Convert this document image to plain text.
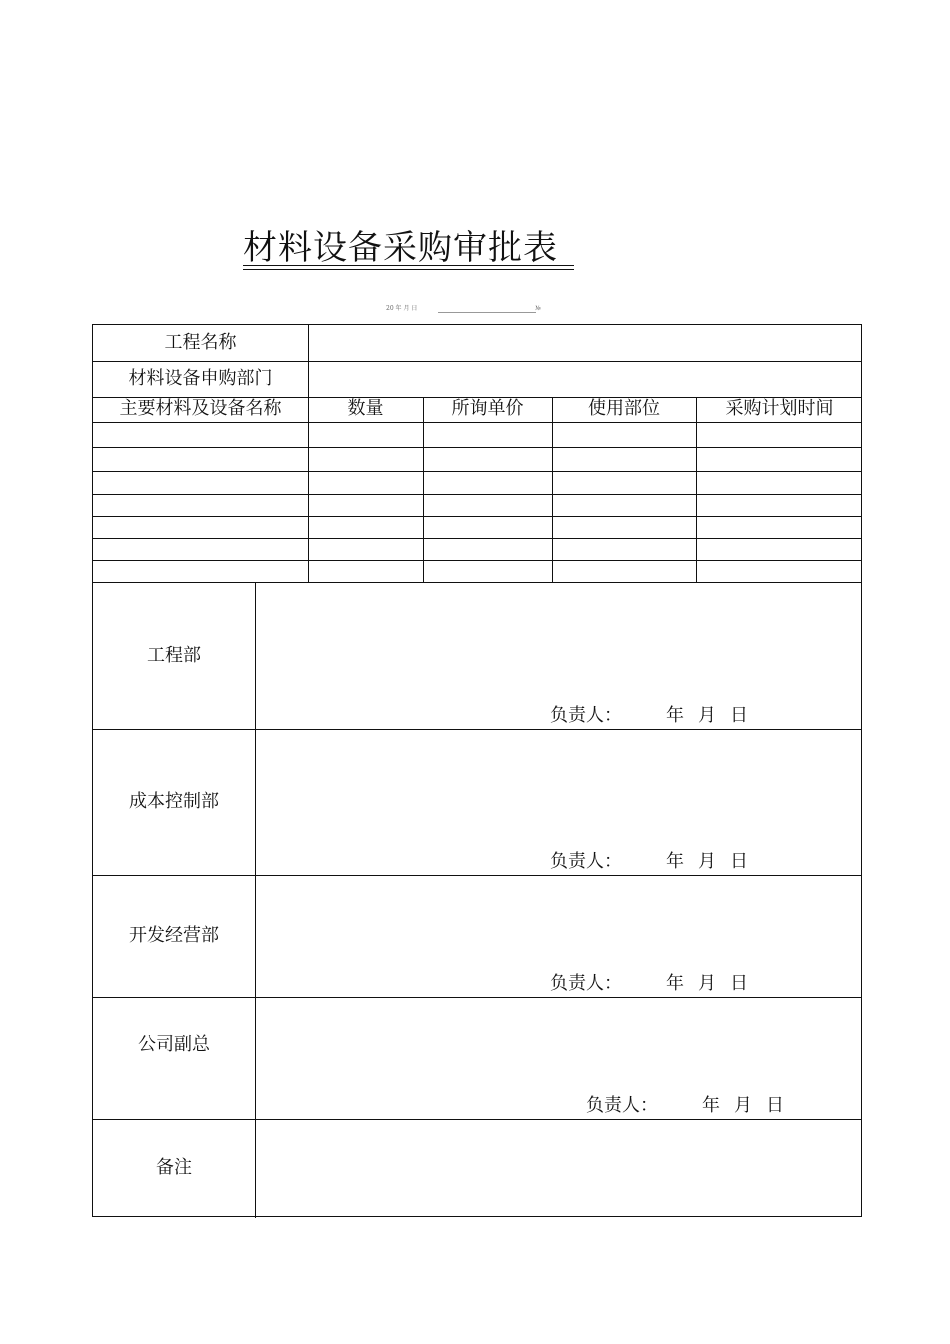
材料设备采购审批表
20 年 月 日	№
工程名称
材料设备申购部门
主要材料及设备名称	数量	所询单价	使用部位	采购计划时间
工程部
负责人： 年 月 日
成本控制部
负责人： 年 月 日
开发经营部
负责人： 年 月 日
公司副总
负责人： 年 月 日
备注
